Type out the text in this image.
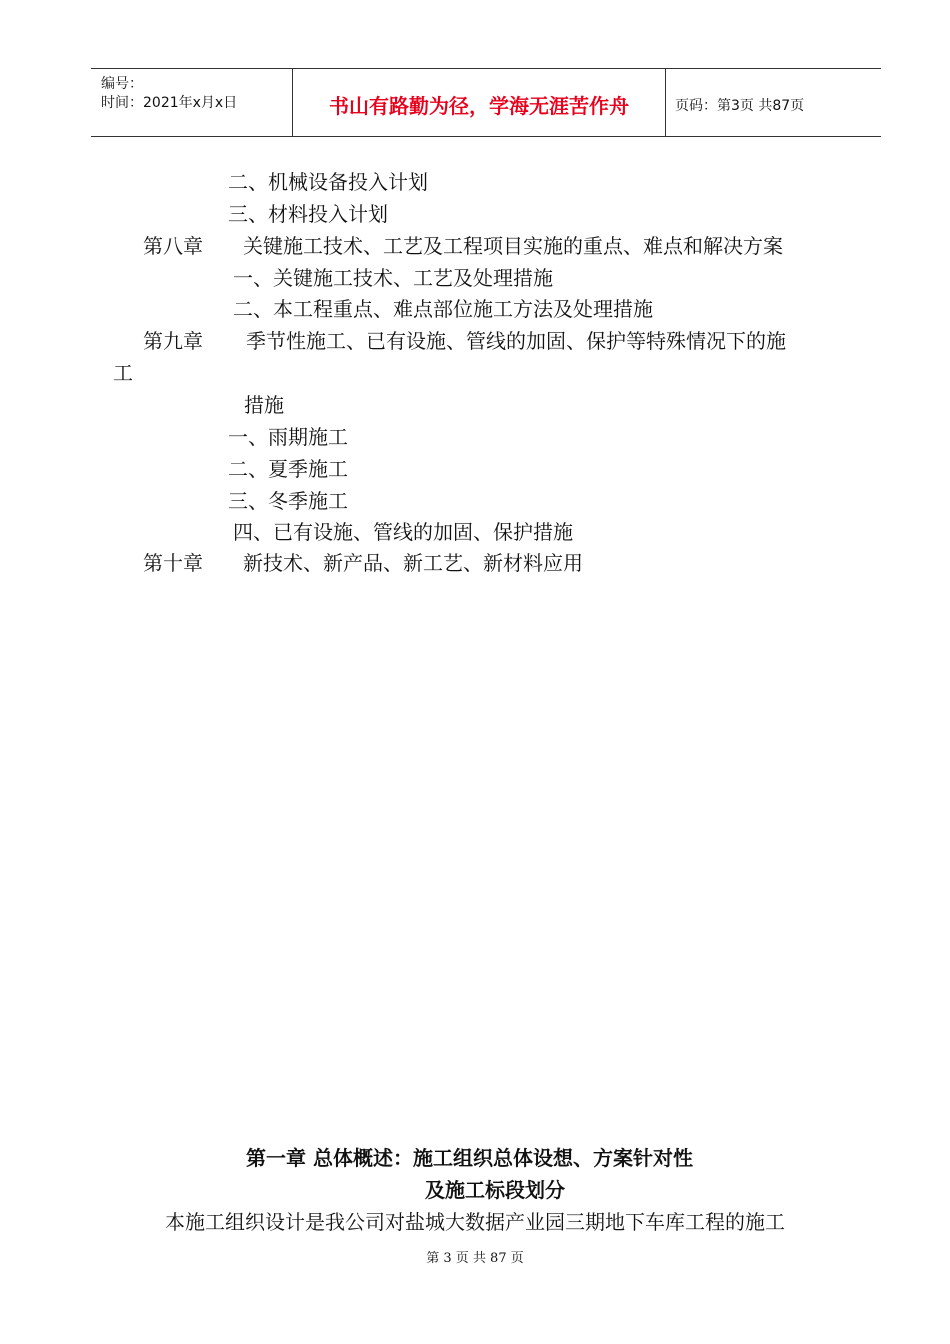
编号：
时间：2021年x月x日	书山有路勤为径，学海无涯苦作舟	页码：第3页 共87页
二、机械设备投入计划
三、材料投入计划
第八章 关键施工技术、工艺及工程项目实施的重点、难点和解决方案
一、关键施工技术、工艺及处理措施
二、本工程重点、难点部位施工方法及处理措施
第九章 季节性施工、已有设施、管线的加固、保护等特殊情况下的施
工
措施
一、雨期施工
二、夏季施工
三、冬季施工
四、已有设施、管线的加固、保护措施
第十章 新技术、新产品、新工艺、新材料应用
第一章 总体概述：施工组织总体设想、方案针对性
及施工标段划分
本施工组织设计是我公司对盐城大数据产业园三期地下车库工程的施工
第 3 页 共 87 页
